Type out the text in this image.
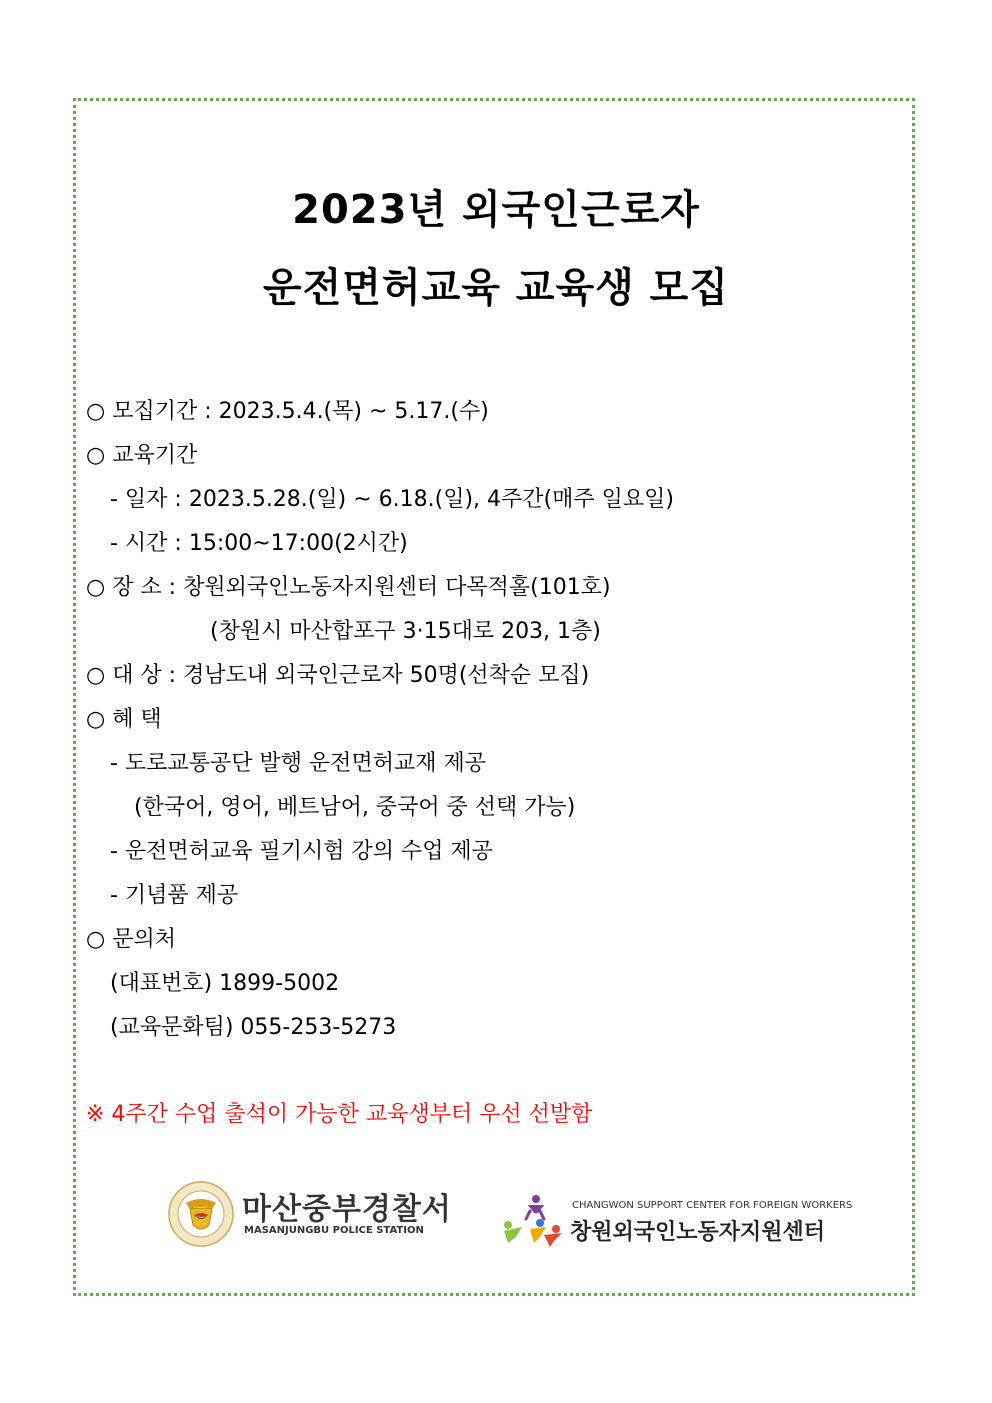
2023년 외국인근로자
운전면허교육 교육생 모집
○ 모집기간 : 2023.5.4.(목) ~ 5.17.(수)
○ 교육기간
- 일자 : 2023.5.28.(일) ~ 6.18.(일), 4주간(매주 일요일)
- 시간 : 15:00~17:00(2시간)
○ 장 소 : 창원외국인노동자지원센터 다목적홀(101호)
(창원시 마산합포구 3·15대로 203, 1층)
○ 대 상 : 경남도내 외국인근로자 50명(선착순 모집)
○ 혜 택
- 도로교통공단 발행 운전면허교재 제공
(한국어, 영어, 베트남어, 중국어 중 선택 가능)
- 운전면허교육 필기시험 강의 수업 제공
- 기념품 제공
○ 문의처
(대표번호) 1899-5002
(교육문화팀) 055-253-5273
※ 4주간 수업 출석이 가능한 교육생부터 우선 선발함
마산중부경찰서
MASANJUNGBU POLICE STATION
CHANGWON SUPPORT CENTER FOR FOREIGN WORKERS
창원외국인노동자지원센터
